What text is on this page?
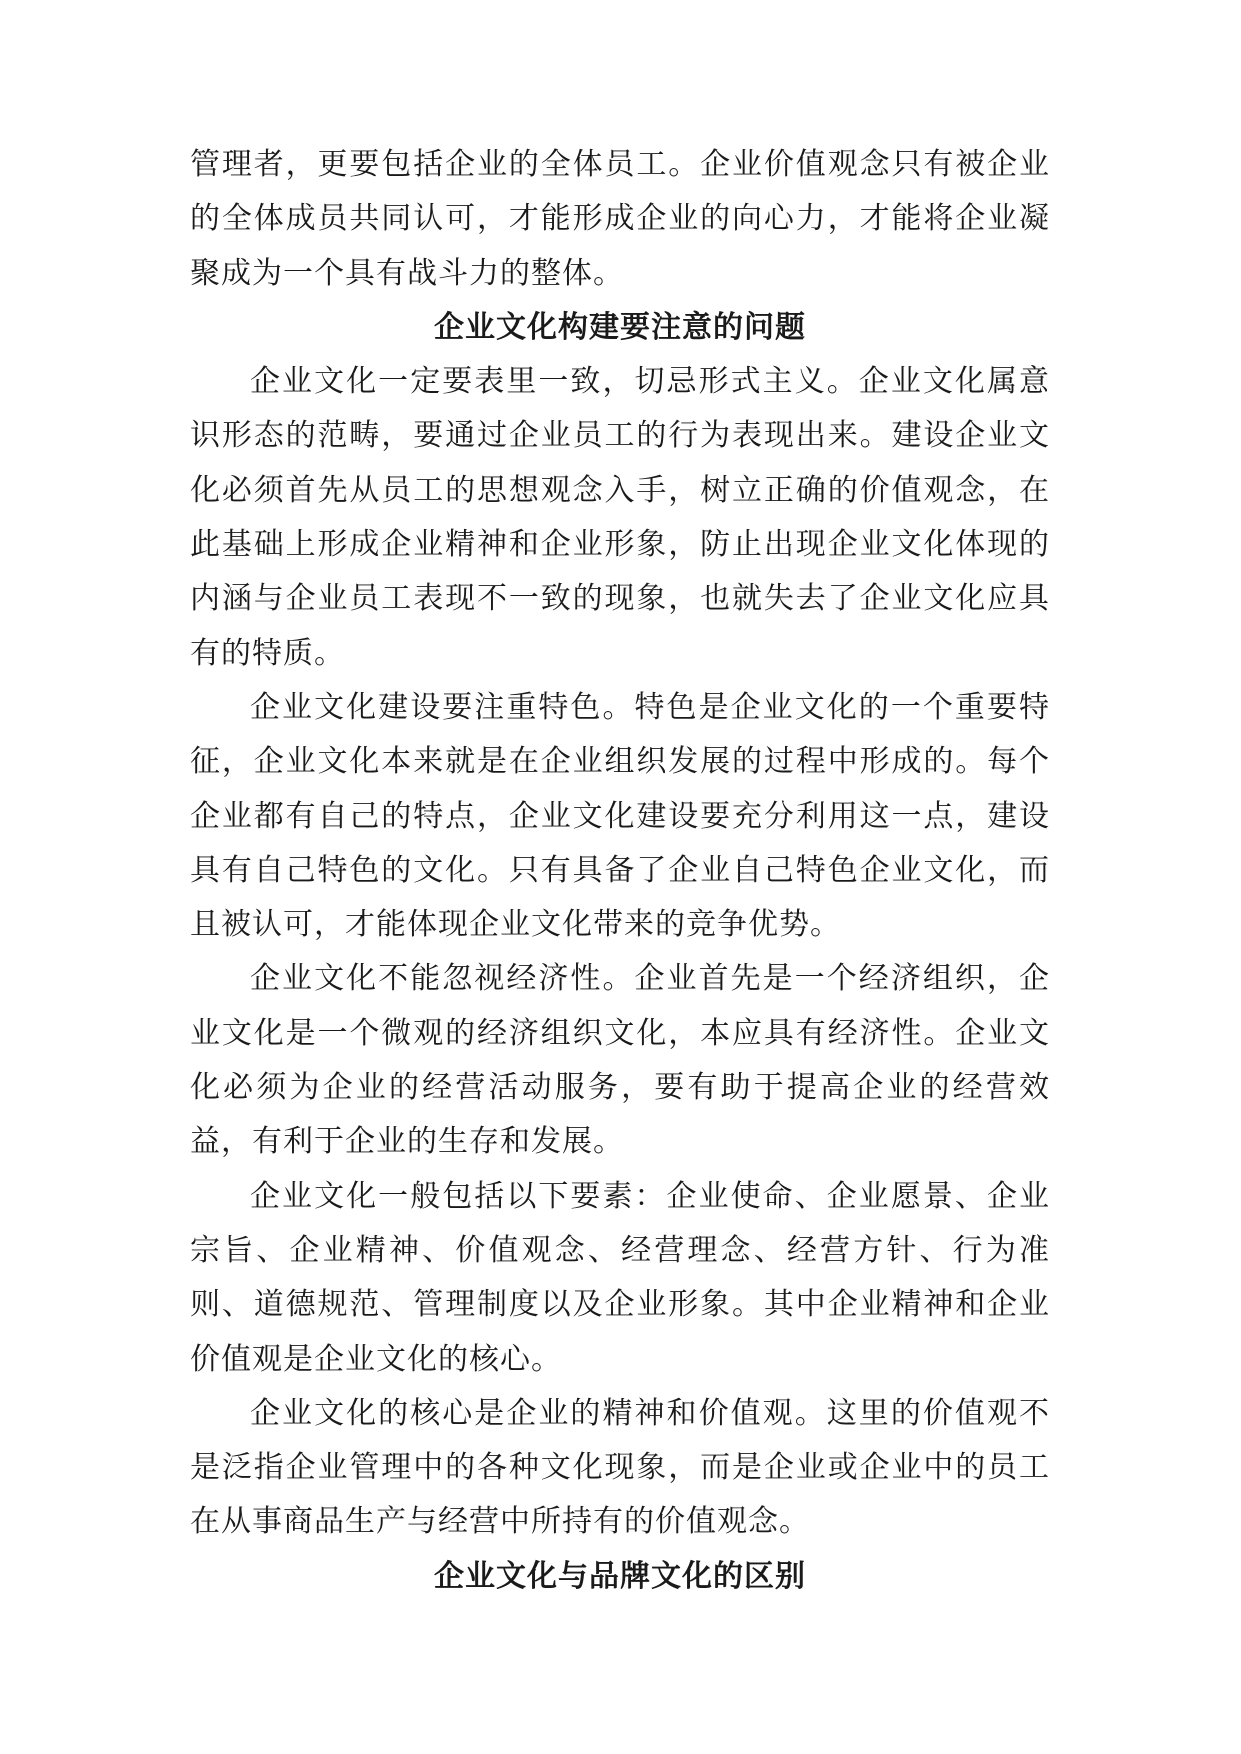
管理者，更要包括企业的全体员工。企业价值观念只有被企业的全体成员共同认可，才能形成企业的向心力，才能将企业凝聚成为一个具有战斗力的整体。

企业文化构建要注意的问题

企业文化一定要表里一致，切忌形式主义。企业文化属意识形态的范畴，要通过企业员工的行为表现出来。建设企业文化必须首先从员工的思想观念入手，树立正确的价值观念，在此基础上形成企业精神和企业形象，防止出现企业文化体现的内涵与企业员工表现不一致的现象，也就失去了企业文化应具有的特质。

企业文化建设要注重特色。特色是企业文化的一个重要特征，企业文化本来就是在企业组织发展的过程中形成的。每个企业都有自己的特点，企业文化建设要充分利用这一点，建设具有自己特色的文化。只有具备了企业自己特色企业文化，而且被认可，才能体现企业文化带来的竞争优势。

企业文化不能忽视经济性。企业首先是一个经济组织，企业文化是一个微观的经济组织文化，本应具有经济性。企业文化必须为企业的经营活动服务，要有助于提高企业的经营效益，有利于企业的生存和发展。

企业文化一般包括以下要素：企业使命、企业愿景、企业宗旨、企业精神、价值观念、经营理念、经营方针、行为准则、道德规范、管理制度以及企业形象。其中企业精神和企业价值观是企业文化的核心。

企业文化的核心是企业的精神和价值观。这里的价值观不是泛指企业管理中的各种文化现象，而是企业或企业中的员工在从事商品生产与经营中所持有的价值观念。

企业文化与品牌文化的区别
